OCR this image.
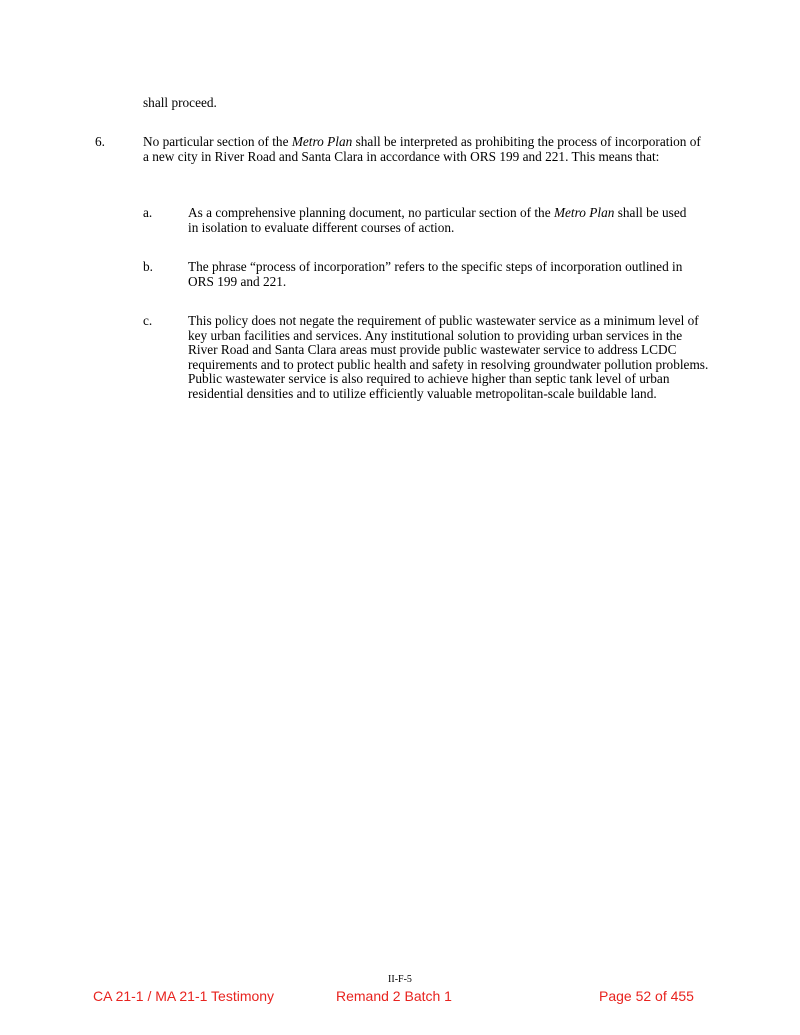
shall proceed.

6.	No particular section of the Metro Plan shall be interpreted as prohibiting the process of incorporation of a new city in River Road and Santa Clara in accordance with ORS 199 and 221. This means that:

a.	As a comprehensive planning document, no particular section of the Metro Plan shall be used in isolation to evaluate different courses of action.

b.	The phrase “process of incorporation” refers to the specific steps of incorporation outlined in ORS 199 and 221.

c.	This policy does not negate the requirement of public wastewater service as a minimum level of key urban facilities and services. Any institutional solution to providing urban services in the River Road and Santa Clara areas must provide public wastewater service to address LCDC requirements and to protect public health and safety in resolving groundwater pollution problems. Public wastewater service is also required to achieve higher than septic tank level of urban residential densities and to utilize efficiently valuable metropolitan-scale buildable land.

II-F-5
CA 21-1 / MA 21-1 Testimony	Remand 2 Batch 1	Page 52 of 455
